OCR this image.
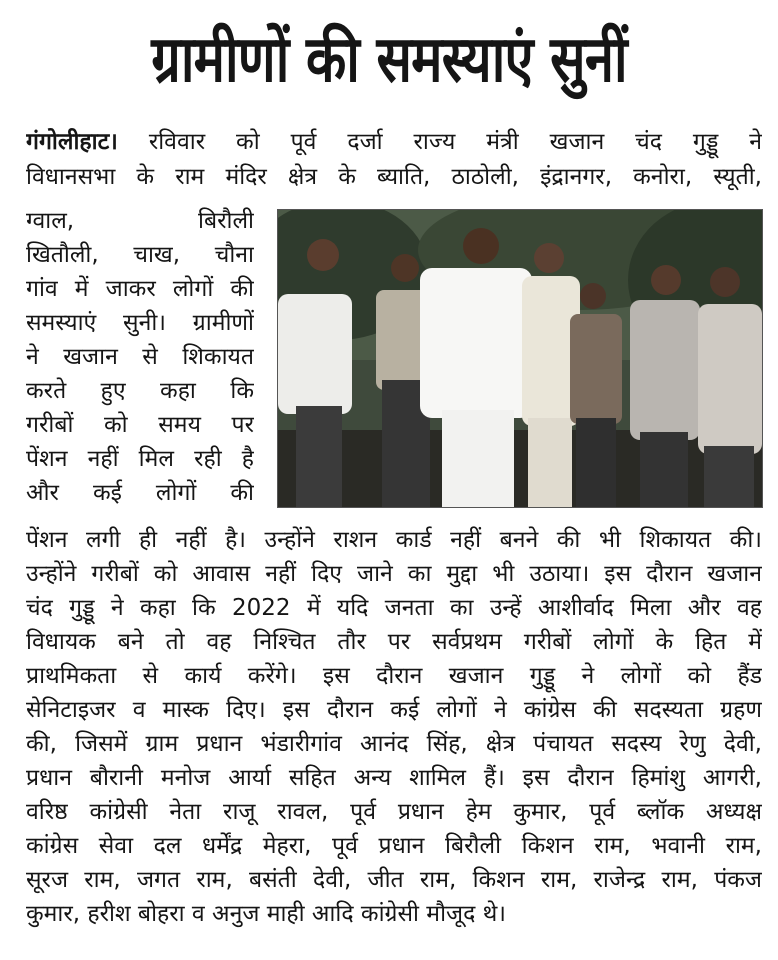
ग्रामीणों की समस्याएं सुनीं
गंगोलीहाट। रविवार को पूर्व दर्जा राज्य मंत्री खजान चंद गुड्डू ने
विधानसभा के राम मंदिर क्षेत्र के ब्याति, ठाठोली, इंद्रानगर, कनोरा, स्यूती,
ग्वाल, बिरौली
खितौली, चाख, चौना
गांव में जाकर लोगों की
समस्याएं सुनी। ग्रामीणों
ने खजान से शिकायत
करते हुए कहा कि
गरीबों को समय पर
पेंशन नहीं मिल रही है
और कई लोगों की
पेंशन लगी ही नहीं है। उन्होंने राशन कार्ड नहीं बनने की भी शिकायत की।
उन्होंने गरीबों को आवास नहीं दिए जाने का मुद्दा भी उठाया। इस दौरान खजान
चंद गुड्डू ने कहा कि 2022 में यदि जनता का उन्हें आशीर्वाद मिला और वह
विधायक बने तो वह निश्चित तौर पर सर्वप्रथम गरीबों लोगों के हित में
प्राथमिकता से कार्य करेंगे। इस दौरान खजान गुड्डू ने लोगों को हैंड
सेनिटाइजर व मास्क दिए। इस दौरान कई लोगों ने कांग्रेस की सदस्यता ग्रहण
की, जिसमें ग्राम प्रधान भंडारीगांव आनंद सिंह, क्षेत्र पंचायत सदस्य रेणु देवी,
प्रधान बौरानी मनोज आर्या सहित अन्य शामिल हैं। इस दौरान हिमांशु आगरी,
वरिष्ठ कांग्रेसी नेता राजू रावल, पूर्व प्रधान हेम कुमार, पूर्व ब्लॉक अध्यक्ष
कांग्रेस सेवा दल धर्मेंद्र मेहरा, पूर्व प्रधान बिरौली किशन राम, भवानी राम,
सूरज राम, जगत राम, बसंती देवी, जीत राम, किशन राम, राजेन्द्र राम, पंकज
कुमार, हरीश बोहरा व अनुज माही आदि कांग्रेसी मौजूद थे।
